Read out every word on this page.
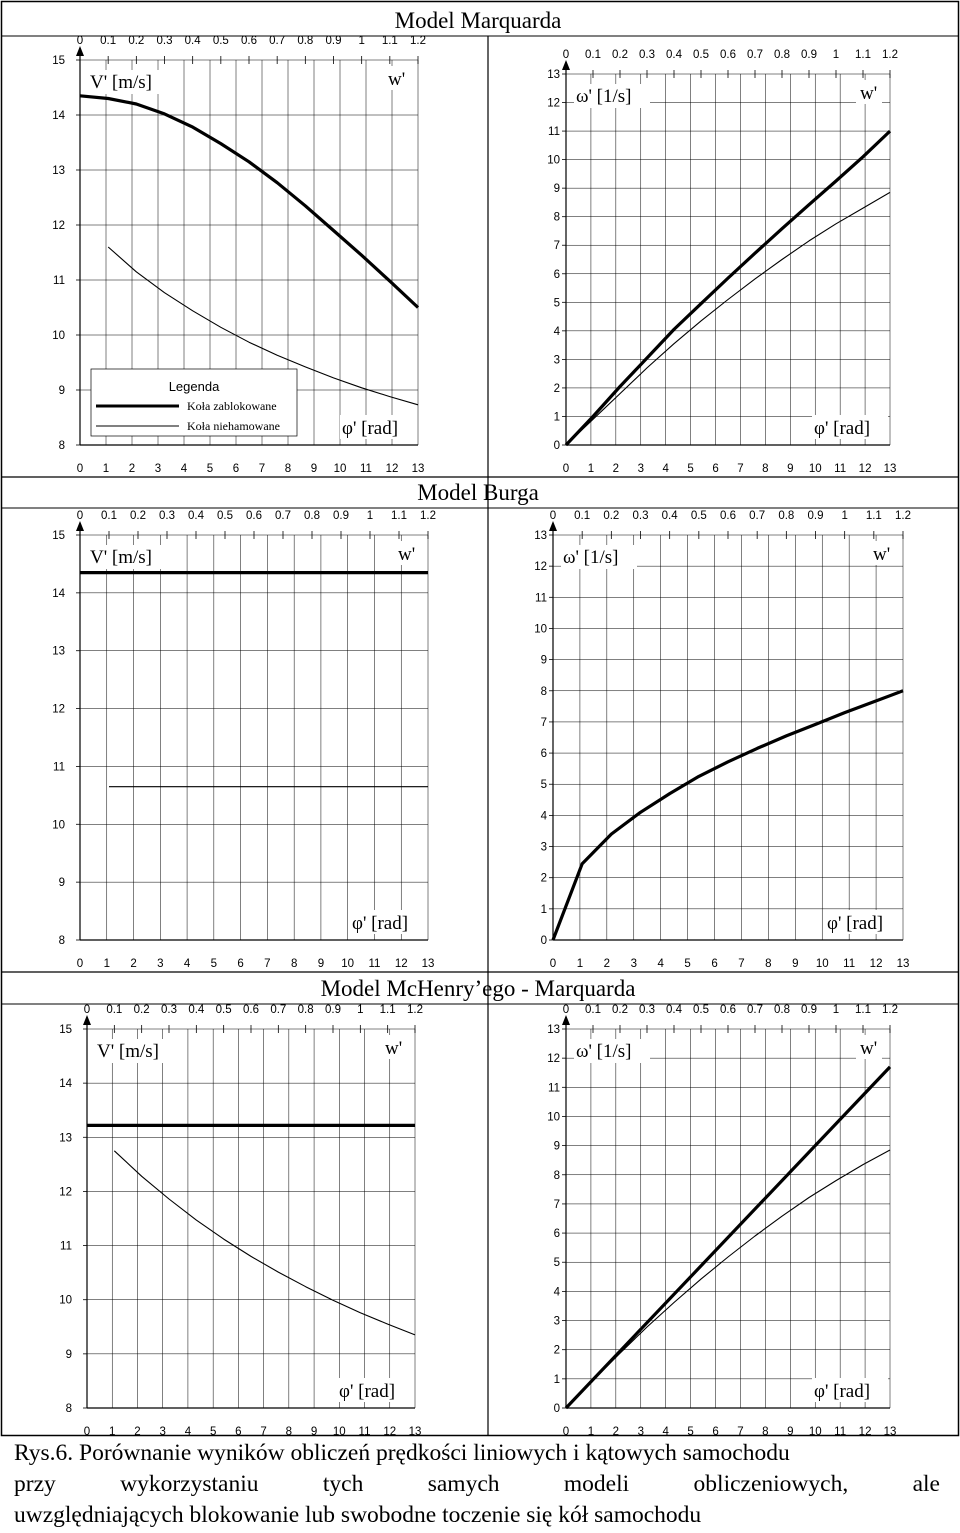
Model Marquarda
Model Burga
Model McHenry’ego - Marquarda
0 0.1 0.2 0.3 0.4 0.5 0.6 0.7 0.8 0.9 1 1.1 1.2
0 1 2 3 4 5 6 7 8 9 10 11 12 13
8
9
10
11
12
13
14
15
V' [m/s]	w'
φ' [rad]
Legenda
Koła zablokowane
Koła niehamowane
0 0.1 0.2 0.3 0.4 0.5 0.6 0.7 0.8 0.9 1 1.1 1.2
0 1 2 3 4 5 6 7 8 9 10 11 12 13
0
1
2
3
4
5
6
7
8
9
10
11
12
13
ω' [1/s]	w'
φ' [rad]
0 0.1 0.2 0.3 0.4 0.5 0.6 0.7 0.8 0.9 1 1.1 1.2
0 1 2 3 4 5 6 7 8 9 10 11 12 13
8
9
10
11
12
13
14
15
V' [m/s]	w'
φ' [rad]
0 0.1 0.2 0.3 0.4 0.5 0.6 0.7 0.8 0.9 1 1.1 1.2
0 1 2 3 4 5 6 7 8 9 10 11 12 13
0
1
2
3
4
5
6
7
8
9
10
11
12
13
ω' [1/s]	w'
φ' [rad]
0 0.1 0.2 0.3 0.4 0.5 0.6 0.7 0.8 0.9 1 1.1 1.2
0 1 2 3 4 5 6 7 8 9 10 11 12 13
8
9
10
11
12
13
14
15
V' [m/s]	w'
φ' [rad]
0 0.1 0.2 0.3 0.4 0.5 0.6 0.7 0.8 0.9 1 1.1 1.2
0 1 2 3 4 5 6 7 8 9 10 11 12 13
0
1
2
3
4
5
6
7
8
9
10
11
12
13
ω' [1/s]	w'
φ' [rad]
Rys.6. Porównanie wyników obliczeń prędkości liniowych i kątowych samochodu
przy wykorzystaniu tych samych modeli obliczeniowych, ale
uwzględniających blokowanie lub swobodne toczenie się kół samochodu
